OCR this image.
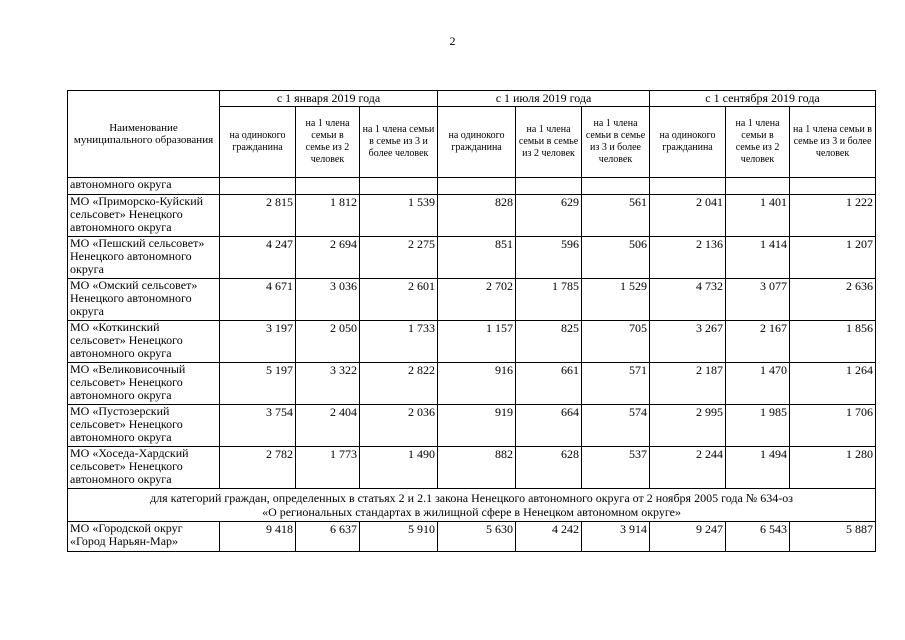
2
Наименование муниципального образования	с 1 января 2019 года			с 1 июля 2019 года			с 1 сентября 2019 года		
	на одинокого гражданина	на 1 члена семьи в семье из 2 человек	на 1 члена семьи в семье из 3 и более человек	на одинокого гражданина	на 1 члена семьи в семье из 2 человек	на 1 члена семьи в семье из 3 и более человек	на одинокого гражданина	на 1 члена семьи в семье из 2 человек	на 1 члена семьи в семье из 3 и более человек
автономного округа									
МО «Приморско-Куйский сельсовет» Ненецкого автономного округа	2 815	1 812	1 539	828	629	561	2 041	1 401	1 222
МО «Пешский сельсовет» Ненецкого автономного округа	4 247	2 694	2 275	851	596	506	2 136	1 414	1 207
МО «Омский сельсовет» Ненецкого автономного округа	4 671	3 036	2 601	2 702	1 785	1 529	4 732	3 077	2 636
МО «Коткинский сельсовет» Ненецкого автономного округа	3 197	2 050	1 733	1 157	825	705	3 267	2 167	1 856
МО «Великовисочный сельсовет» Ненецкого автономного округа	5 197	3 322	2 822	916	661	571	2 187	1 470	1 264
МО «Пустозерский сельсовет» Ненецкого автономного округа	3 754	2 404	2 036	919	664	574	2 995	1 985	1 706
МО «Хоседа-Хардский сельсовет» Ненецкого автономного округа	2 782	1 773	1 490	882	628	537	2 244	1 494	1 280

для категорий граждан, определенных в статьях 2 и 2.1 закона Ненецкого автономного округа от 2 ноября 2005 года № 634-оз
«О региональных стандартах в жилищной сфере в Ненецком автономном округе»									

МО «Городской округ «Город Нарьян-Мар»	9 418	6 637	5 910	5 630	4 242	3 914	9 247	6 543	5 887
